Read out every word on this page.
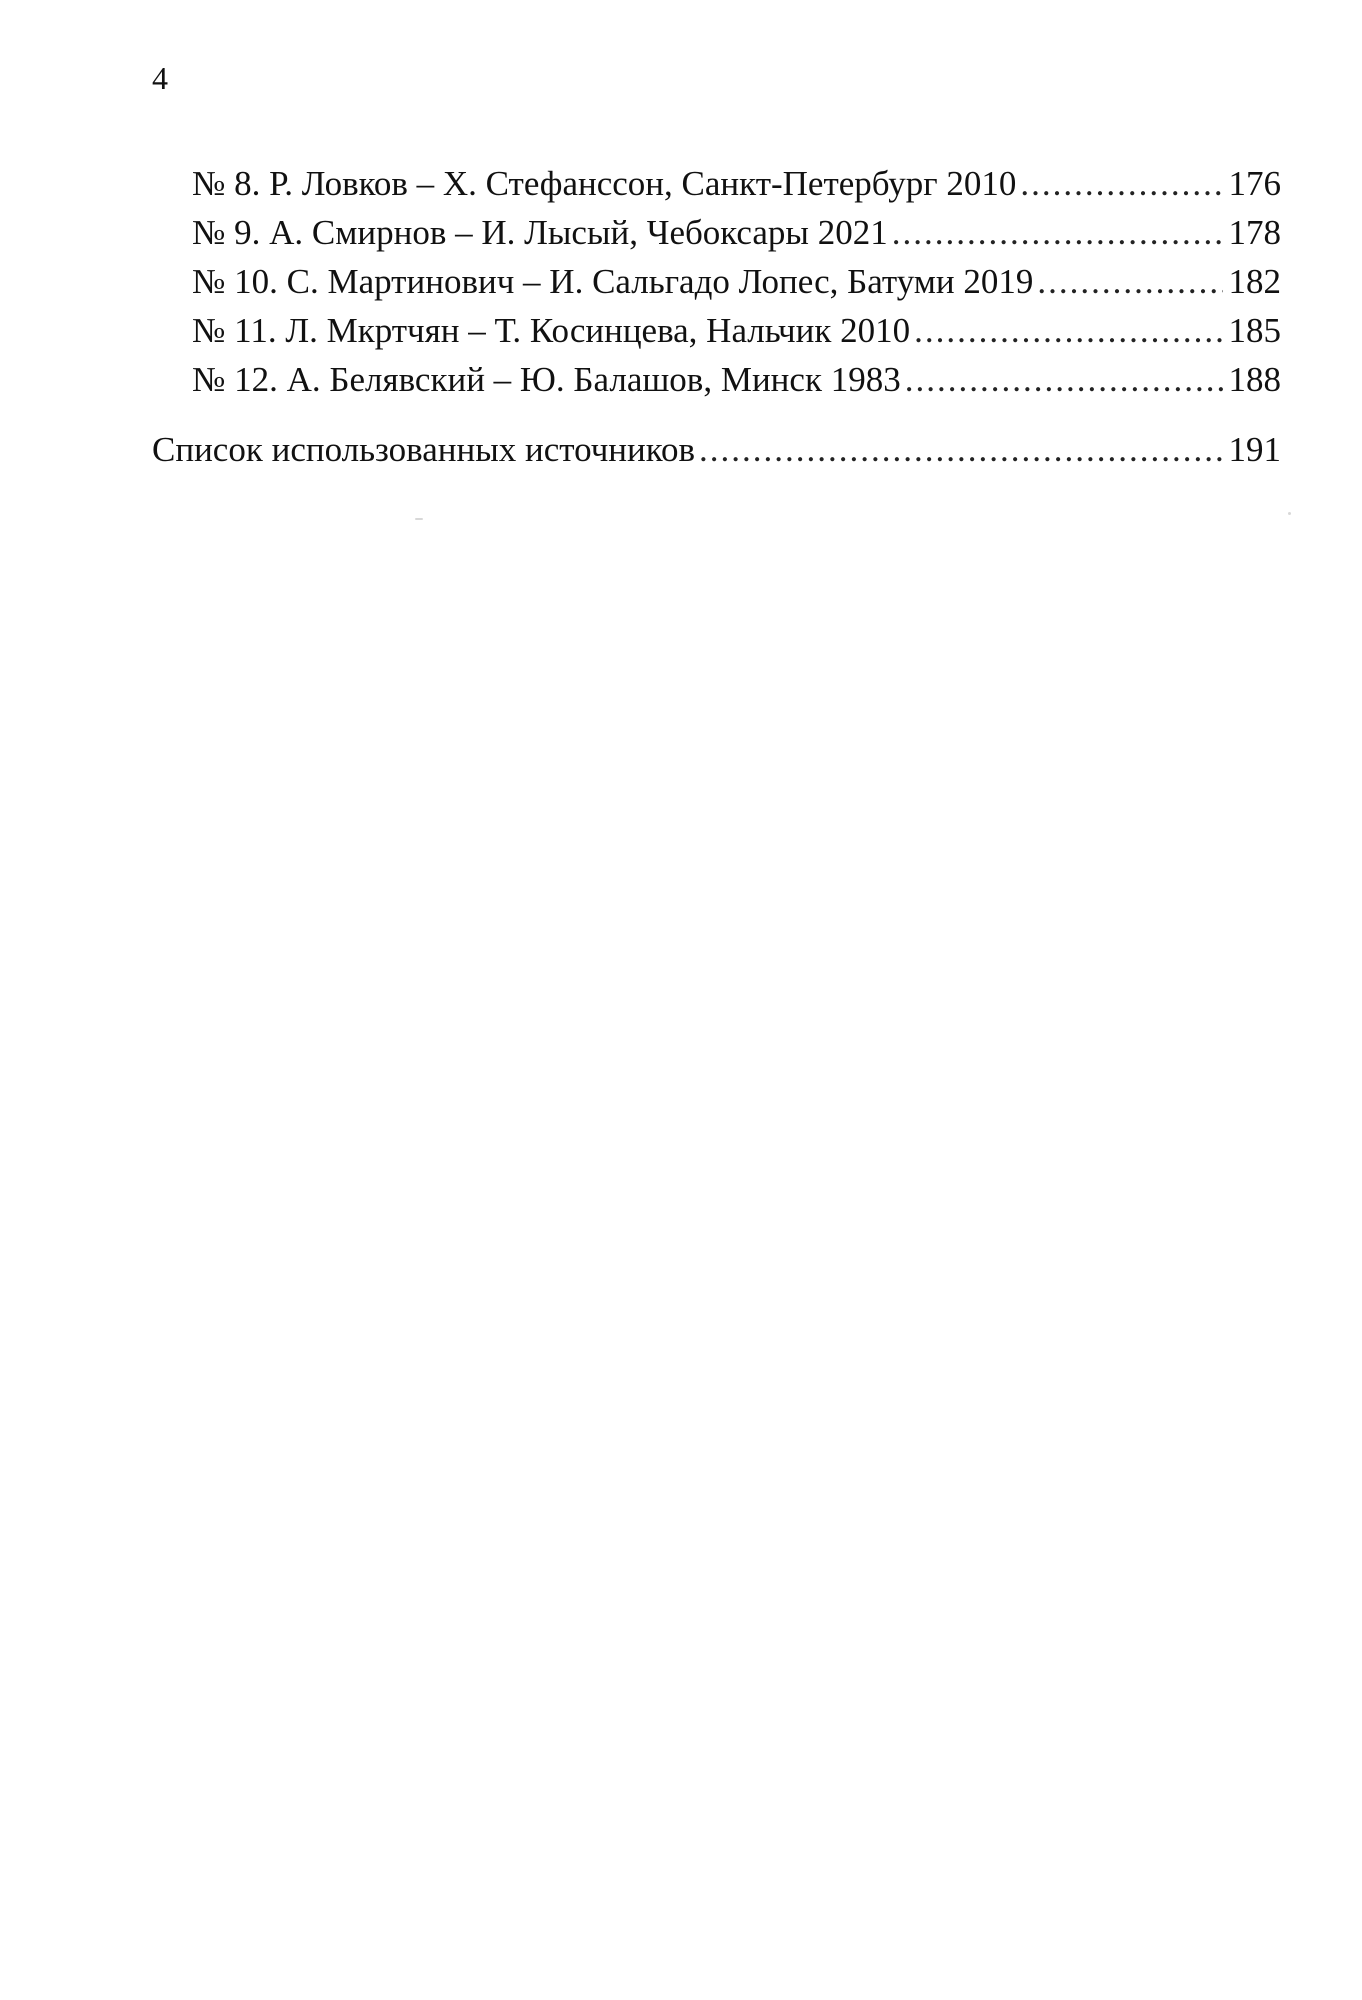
4
№ 8. Р. Ловков – Х. Стефанссон, Санкт-Петербург 2010 .....	176
№ 9. А. Смирнов – И. Лысый, Чебоксары 2021 .....	178
№ 10. С. Мартинович – И. Сальгадо Лопес, Батуми 2019 .....	182
№ 11. Л. Мкртчян – Т. Косинцева, Нальчик 2010 .....	185
№ 12. А. Белявский – Ю. Балашов, Минск 1983 .....	188
Список использованных источников .....	191
